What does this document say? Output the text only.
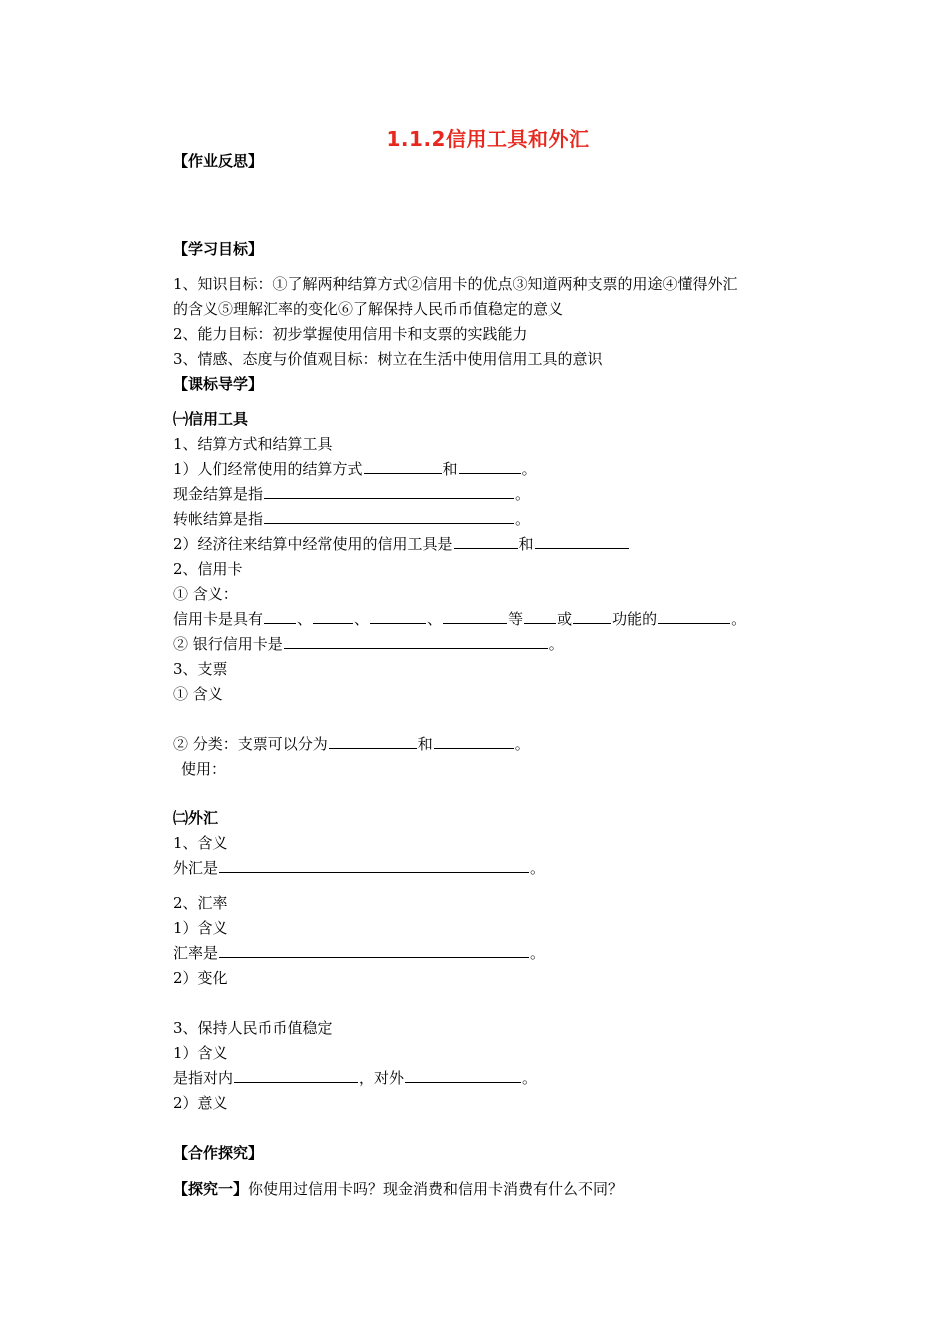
1.1.2信用工具和外汇
【作业反思】
【学习目标】
1、知识目标：①了解两种结算方式②信用卡的优点③知道两种支票的用途④懂得外汇
的含义⑤理解汇率的变化⑥了解保持人民币币值稳定的意义
2、能力目标：初步掌握使用信用卡和支票的实践能力
3、情感、态度与价值观目标：树立在生活中使用信用工具的意识
【课标导学】
㈠信用工具
1、结算方式和结算工具
1）人们经常使用的结算方式	和	。
现金结算是指	。
转帐结算是指	。
2）经济往来结算中经常使用的信用工具是	和
2、信用卡
① 含义：
信用卡是具有 、	、	、	等 或	功能的	。
② 银行信用卡是	。
3、支票
① 含义
② 分类：支票可以分为	和	。
使用：
㈡外汇
1、含义
外汇是	。
2、汇率
1）含义
汇率是	。
2）变化
3、保持人民币币值稳定
1）含义
是指对内	，对外	。
2）意义
【合作探究】
【探究一】你使用过信用卡吗？现金消费和信用卡消费有什么不同？
